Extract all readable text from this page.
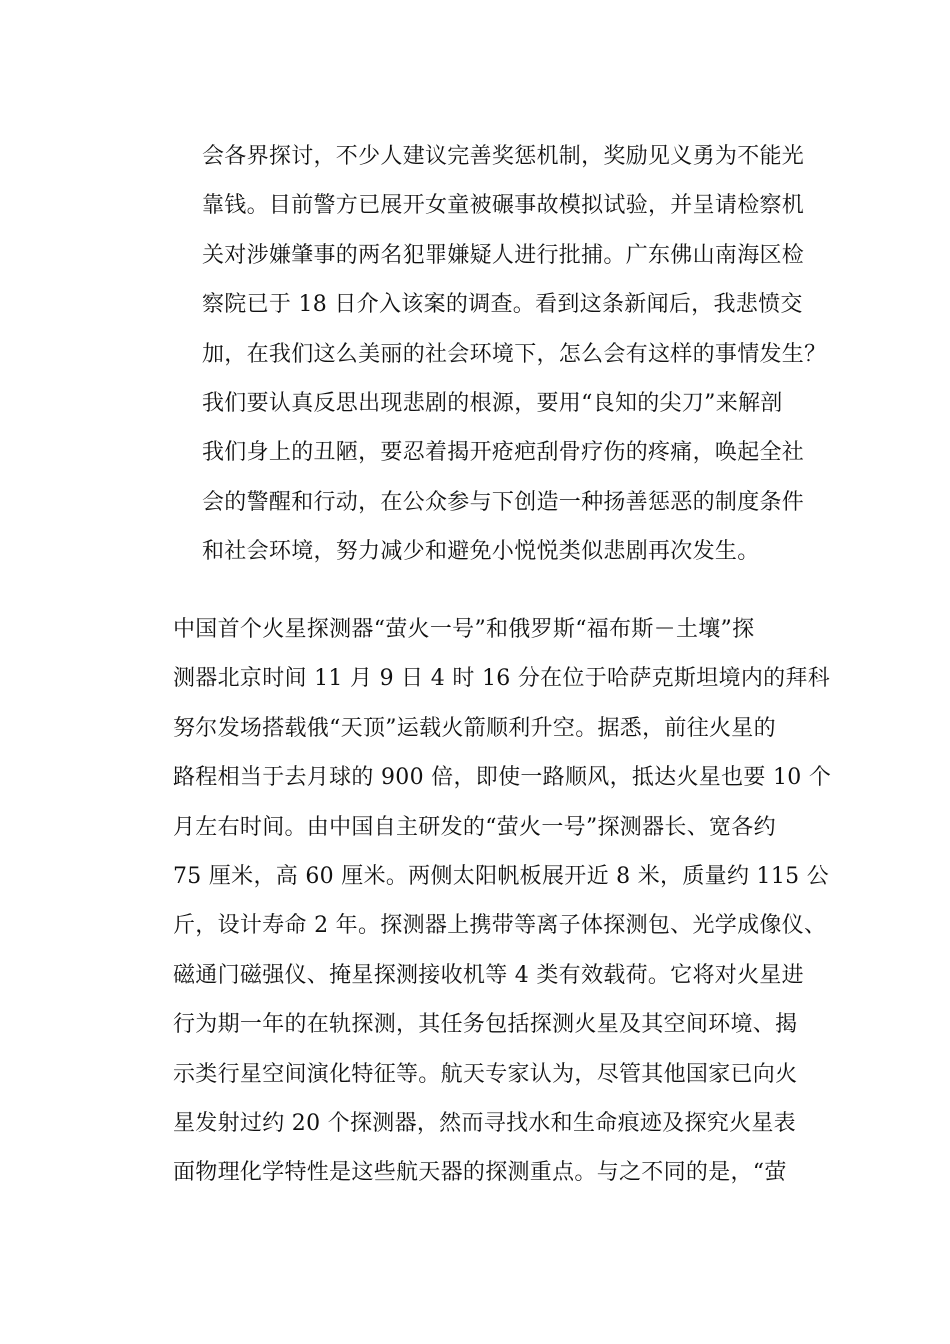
会各界探讨，不少人建议完善奖惩机制，奖励见义勇为不能光
靠钱。目前警方已展开女童被碾事故模拟试验，并呈请检察机
关对涉嫌肇事的两名犯罪嫌疑人进行批捕。广东佛山南海区检
察院已于 18 日介入该案的调查。看到这条新闻后，我悲愤交
加，在我们这么美丽的社会环境下，怎么会有这样的事情发生？
我们要认真反思出现悲剧的根源，要用“良知的尖刀”来解剖
我们身上的丑陋，要忍着揭开疮疤刮骨疗伤的疼痛，唤起全社
会的警醒和行动，在公众参与下创造一种扬善惩恶的制度条件
和社会环境，努力减少和避免小悦悦类似悲剧再次发生。
中国首个火星探测器“萤火一号”和俄罗斯“福布斯－土壤”探
测器北京时间 11 月 9 日 4 时 16 分在位于哈萨克斯坦境内的拜科
努尔发场搭载俄“天顶”运载火箭顺利升空。据悉，前往火星的
路程相当于去月球的 900 倍，即使一路顺风，抵达火星也要 10 个
月左右时间。由中国自主研发的“萤火一号”探测器长、宽各约
75 厘米，高 60 厘米。两侧太阳帆板展开近 8 米，质量约 115 公
斤，设计寿命 2 年。探测器上携带等离子体探测包、光学成像仪、
磁通门磁强仪、掩星探测接收机等 4 类有效载荷。它将对火星进
行为期一年的在轨探测，其任务包括探测火星及其空间环境、揭
示类行星空间演化特征等。航天专家认为，尽管其他国家已向火
星发射过约 20 个探测器，然而寻找水和生命痕迹及探究火星表
面物理化学特性是这些航天器的探测重点。与之不同的是，“萤
